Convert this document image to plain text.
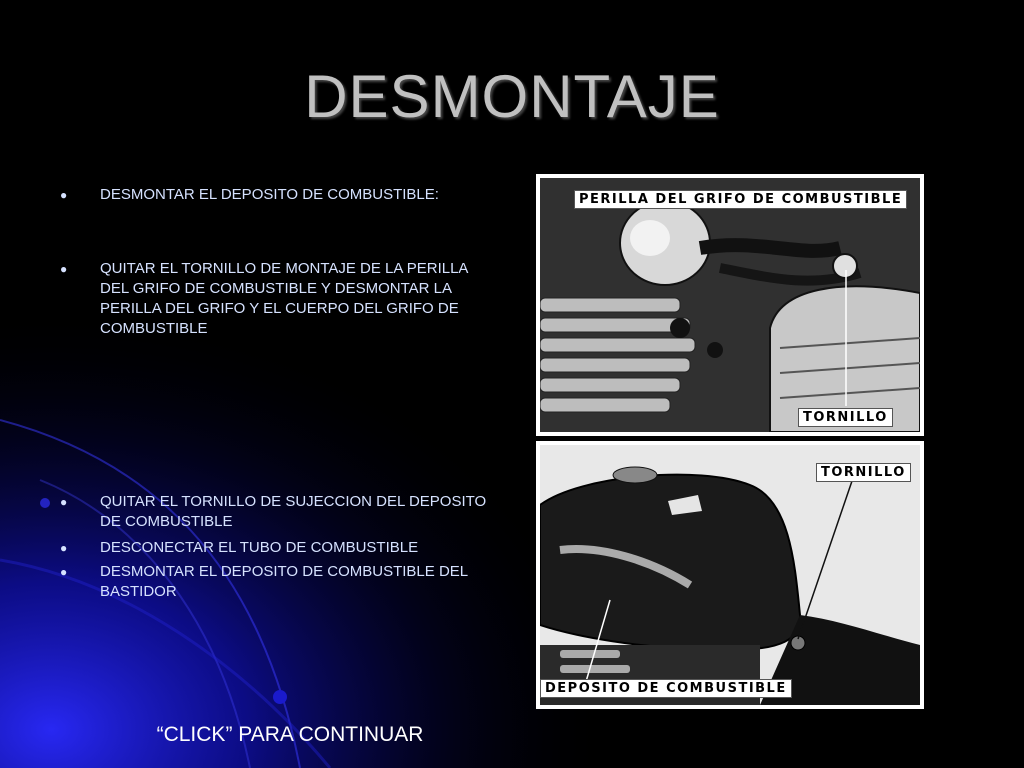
DESMONTAJE
●	DESMONTAR EL DEPOSITO DE COMBUSTIBLE:
●	QUITAR EL TORNILLO DE MONTAJE DE LA PERILLA DEL GRIFO DE COMBUSTIBLE Y DESMONTAR LA PERILLA DEL GRIFO Y EL CUERPO DEL GRIFO DE COMBUSTIBLE
●	QUITAR EL TORNILLO DE SUJECCION DEL DEPOSITO DE COMBUSTIBLE
●	DESCONECTAR EL TUBO DE COMBUSTIBLE
●	DESMONTAR EL DEPOSITO DE COMBUSTIBLE DEL BASTIDOR
PERILLA DEL GRIFO DE COMBUSTIBLE
TORNILLO
TORNILLO
DEPOSITO DE COMBUSTIBLE
“CLICK” PARA CONTINUAR
